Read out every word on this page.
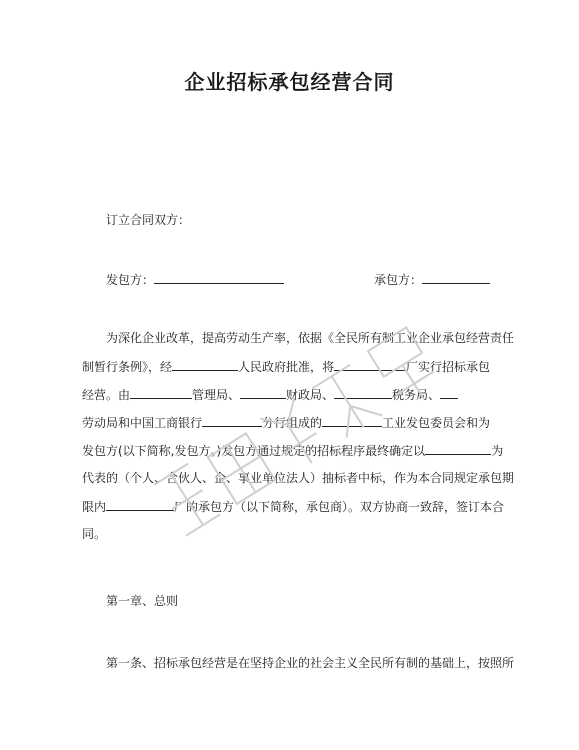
企业招标承包经营合同
订立合同双方：
发包方：	承包方：
为深化企业改革，提高劳动生产率，依据《全民所有制工业企业承包经营责任
制暂行条例》，经	人民政府批准，将	厂实行招标承包
经营。由	管理局、	财政局、	税务局、
劳动局和中国工商银行	分行组成的	工业发包委员会和为
发包方(以下简称,发包方。)发包方通过规定的招标程序最终确定以	为
代表的（个人、合伙人、企、事业单位法人）抽标者中标，作为本合同规定承包期
限内	厂的承包方（以下简称，承包商）。双方协商一致辞，签订本合
同。
第一章、总则
第一条、招标承包经营是在坚持企业的社会主义全民所有制的基础上，按照所
